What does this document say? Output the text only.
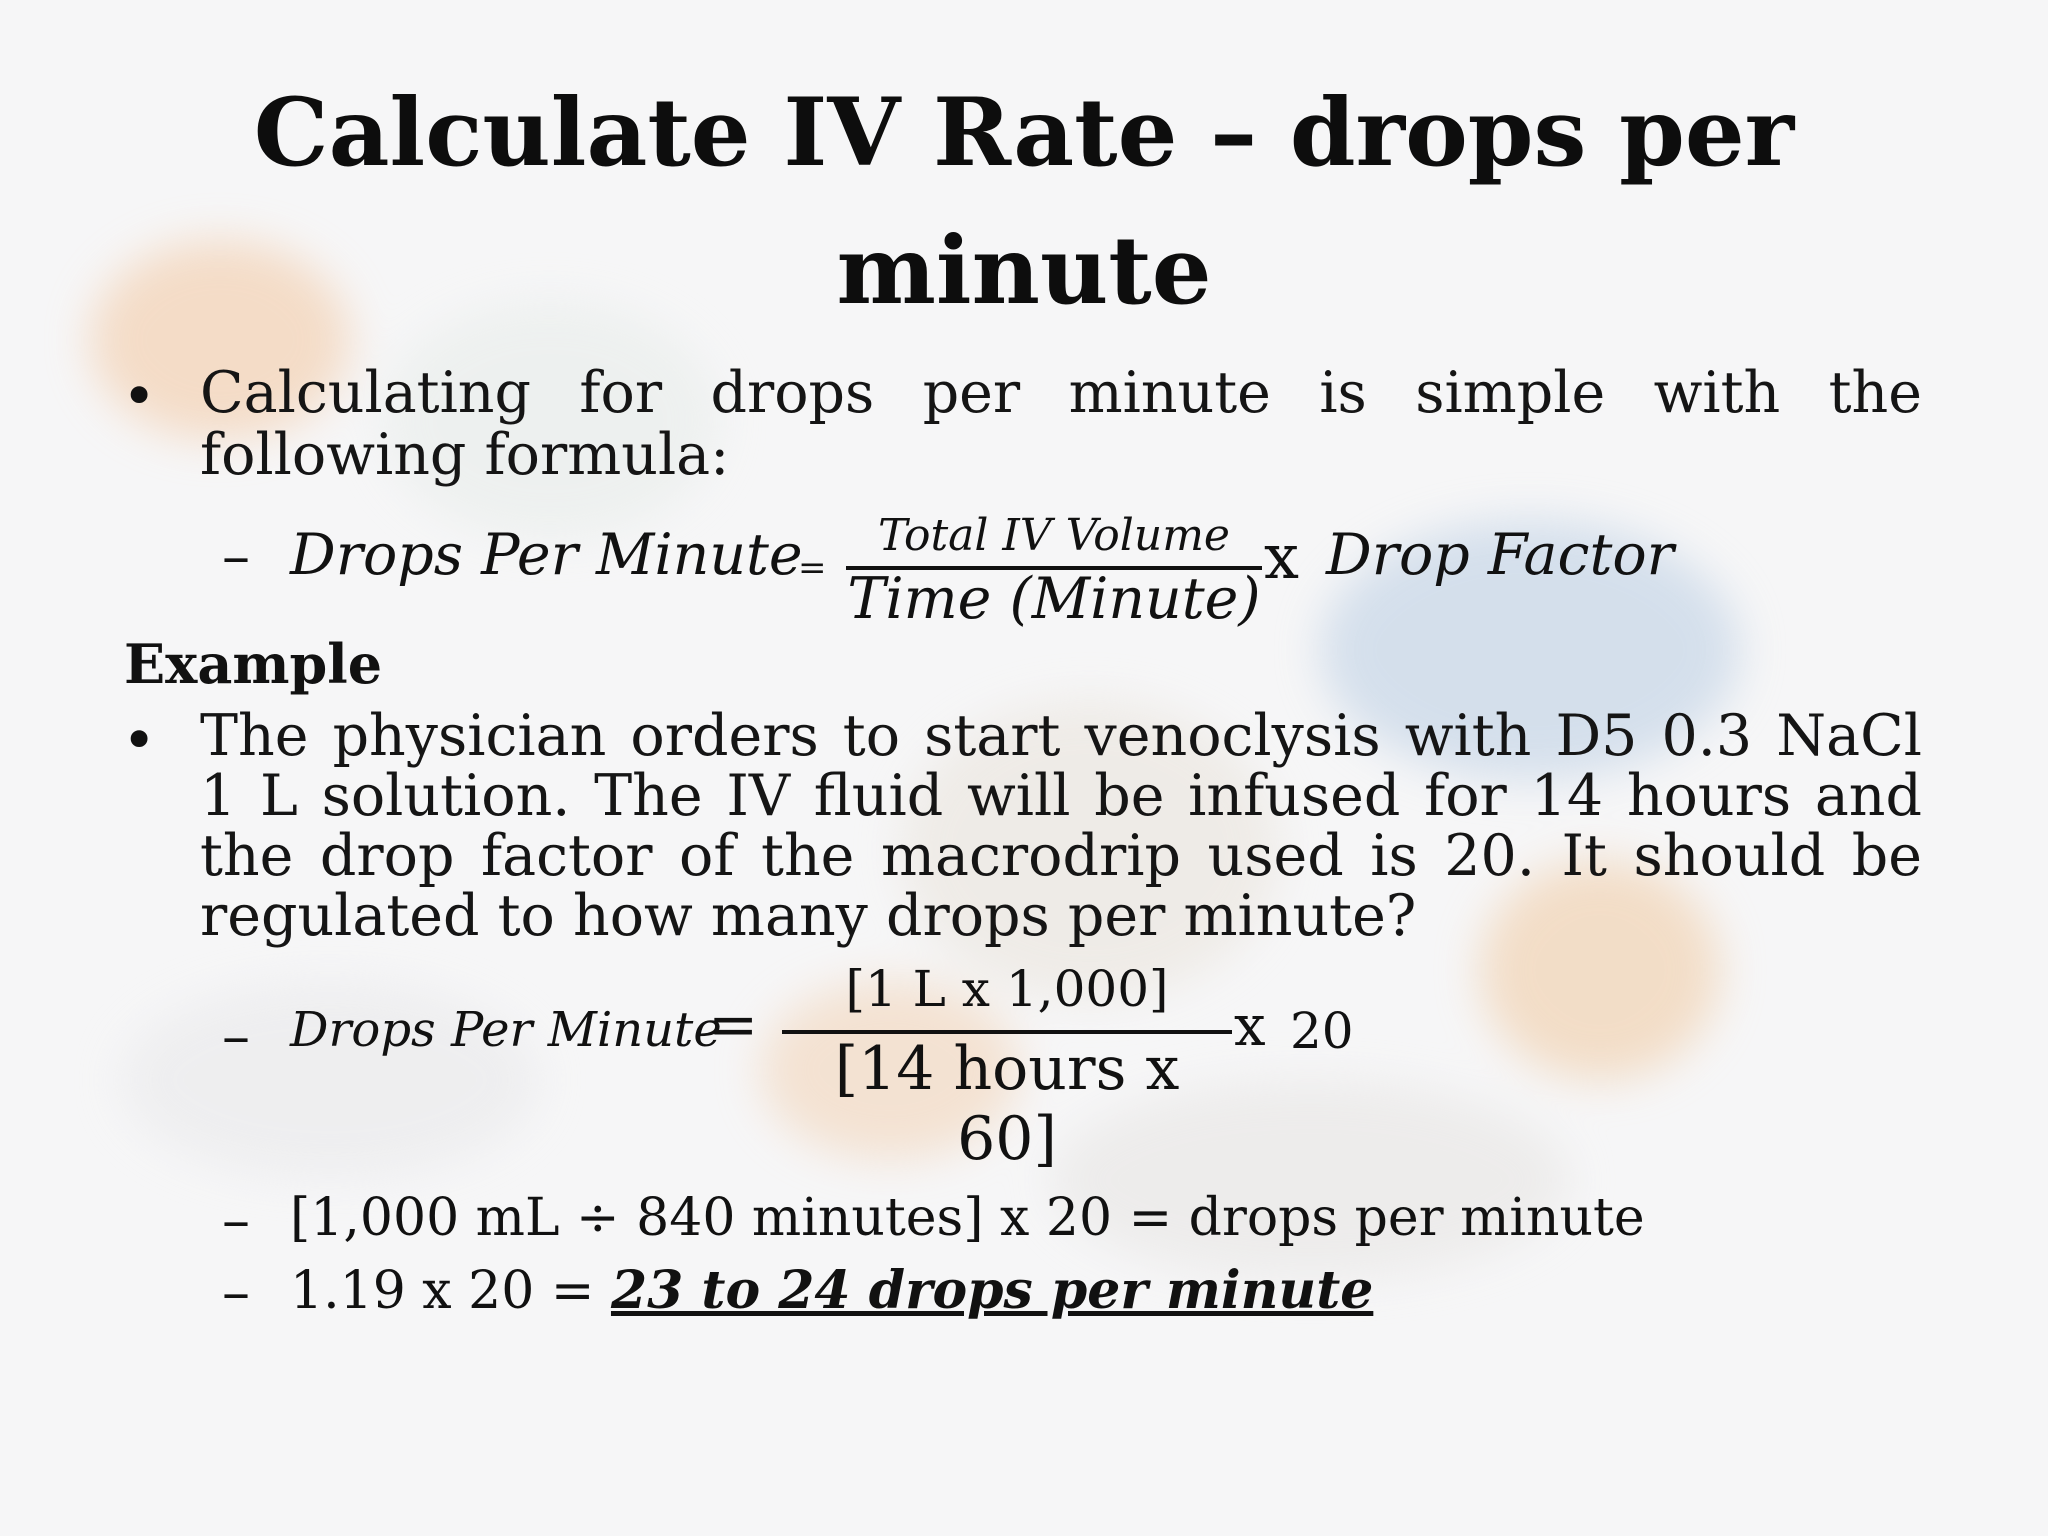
Calculate IV Rate – drops per minute
• Calculating for drops per minute is simple with the following formula:

– Drops Per Minute
=
Total IV Volume
Time (Minute)
x Drop Factor
Example
• The physician orders to start venoclysis with D5 0.3 NaCl 1 L solution. The IV fluid will be infused for 14 hours and the drop factor of the macrodrip used is 20. It should be regulated to how many drops per minute?

– Drops Per Minute
=
[1 L x 1,000]
[14 hours x 60]
x 20
– [1,000 mL ÷ 840 minutes] x 20 = drops per minute
– 1.19 x 20 = 23 to 24 drops per minute
